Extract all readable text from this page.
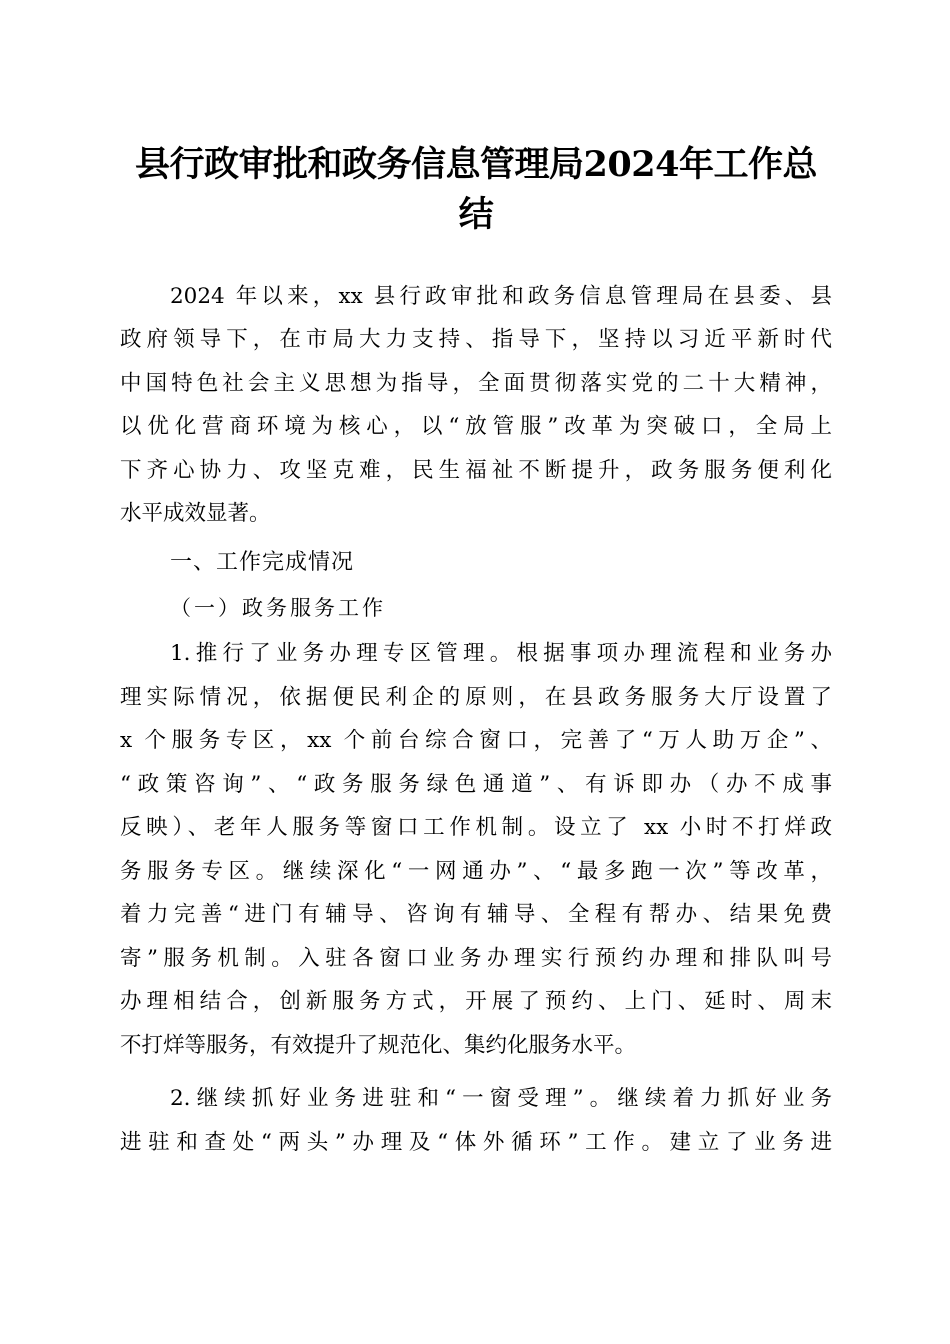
县行政审批和政务信息管理局2024年工作总
结
2024 年以来，xx 县行政审批和政务信息管理局在县委、县
政府领导下，在市局大力支持、指导下，坚持以习近平新时代
中国特色社会主义思想为指导，全面贯彻落实党的二十大精神，
以优化营商环境为核心，以“放管服”改革为突破口，全局上
下齐心协力、攻坚克难，民生福祉不断提升，政务服务便利化
水平成效显著。
一、工作完成情况
（一）政务服务工作
1.推行了业务办理专区管理。根据事项办理流程和业务办
理实际情况，依据便民利企的原则，在县政务服务大厅设置了
x 个服务专区，xx 个前台综合窗口，完善了“万人助万企”、
“政策咨询”、“政务服务绿色通道”、有诉即办（办不成事
反映）、老年人服务等窗口工作机制。设立了 xx 小时不打烊政
务服务专区。继续深化“一网通办”、“最多跑一次”等改革，
着力完善“进门有辅导、咨询有辅导、全程有帮办、结果免费
寄”服务机制。入驻各窗口业务办理实行预约办理和排队叫号
办理相结合，创新服务方式，开展了预约、上门、延时、周末
不打烊等服务，有效提升了规范化、集约化服务水平。
2.继续抓好业务进驻和“一窗受理”。继续着力抓好业务
进驻和查处“两头”办理及“体外循环”工作。建立了业务进
